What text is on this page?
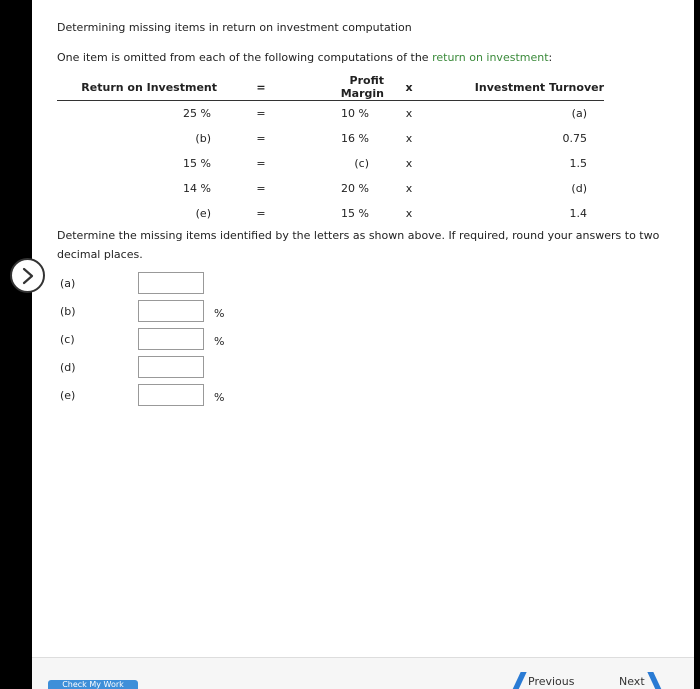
Determining missing items in return on investment computation
One item is omitted from each of the following computations of the return on investment:
Return on Investment	=	Profit Margin	x	Investment Turnover
25 %	=	10 %	x	(a)
(b)	=	16 %	x	0.75
15 %	=	(c)	x	1.5
14 %	=	20 %	x	(d)
(e)	=	15 %	x	1.4
Determine the missing items identified by the letters as shown above. If required, round your answers to two decimal places.
(a)
(b)	%
(c)	%
(d)
(e)	%
Check My Work	Previous	Next
